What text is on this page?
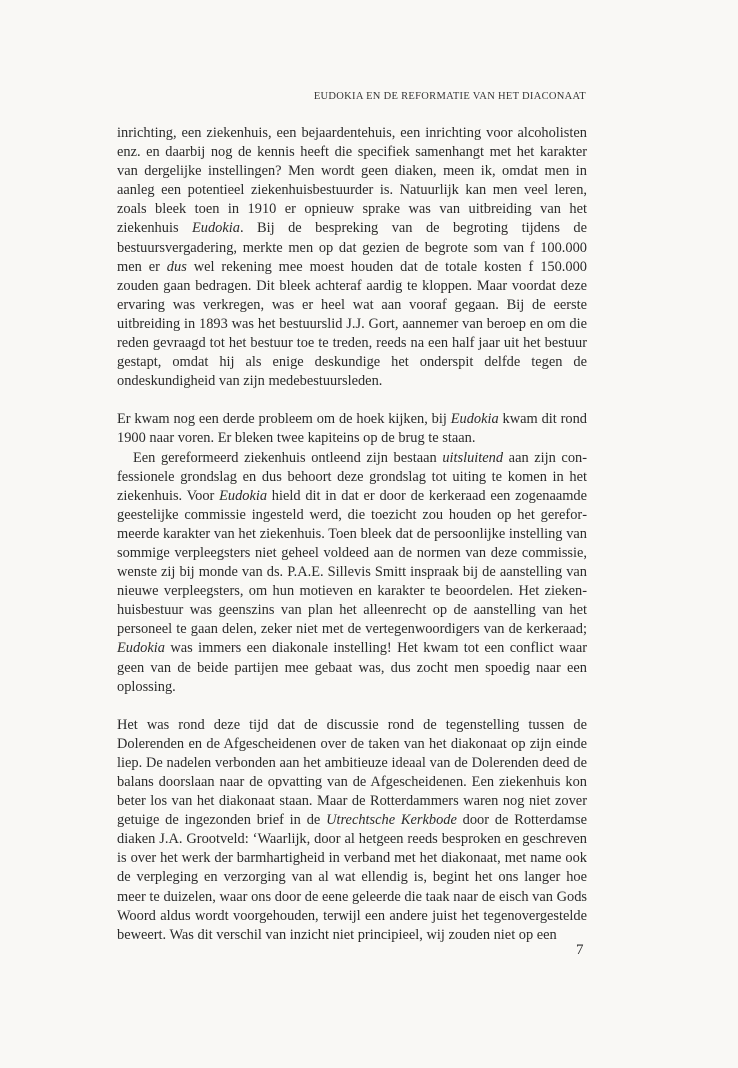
EUDOKIA EN DE REFORMATIE VAN HET DIACONAAT

inrichting, een ziekenhuis, een bejaardentehuis, een inrichting voor alcoholisten enz. en daarbij nog de kennis heeft die specifiek samenhangt met het karakter van dergelijke instellingen? Men wordt geen diaken, meen ik, omdat men in aanleg een potentieel ziekenhuisbestuurder is. Natuurlijk kan men veel leren, zoals bleek toen in 1910 er opnieuw sprake was van uitbreiding van het ziekenhuis Eudokia. Bij de bespreking van de begroting tijdens de bestuursvergadering, merkte men op dat gezien de begrote som van f 100.000 men er dus wel rekening mee moest houden dat de totale kosten f 150.000 zouden gaan bedragen. Dit bleek achteraf aardig te kloppen. Maar voordat deze ervaring was verkregen, was er heel wat aan vooraf gegaan. Bij de eerste uitbreiding in 1893 was het bestuurslid J.J. Gort, aannemer van beroep en om die reden gevraagd tot het bestuur toe te treden, reeds na een half jaar uit het bestuur gestapt, omdat hij als enige deskundige het onderspit delfde tegen de ondeskundigheid van zijn medebestuursleden.

Er kwam nog een derde probleem om de hoek kijken, bij Eudokia kwam dit rond 1900 naar voren. Er bleken twee kapiteins op de brug te staan.

Een gereformeerd ziekenhuis ontleend zijn bestaan uitsluitend aan zijn confessionele grondslag en dus behoort deze grondslag tot uiting te komen in het ziekenhuis. Voor Eudokia hield dit in dat er door de kerkeraad een zogenaamde geestelijke commissie ingesteld werd, die toezicht zou houden op het gereformeerde karakter van het ziekenhuis. Toen bleek dat de persoonlijke instelling van sommige verpleegsters niet geheel voldeed aan de normen van deze commissie, wenste zij bij monde van ds. P.A.E. Sillevis Smitt inspraak bij de aanstelling van nieuwe verpleegsters, om hun motieven en karakter te beoordelen. Het ziekenhuisbestuur was geenszins van plan het alleenrecht op de aanstelling van het personeel te gaan delen, zeker niet met de vertegenwoordigers van de kerkeraad; Eudokia was immers een diakonale instelling! Het kwam tot een conflict waar geen van de beide partijen mee gebaat was, dus zocht men spoedig naar een oplossing.

Het was rond deze tijd dat de discussie rond de tegenstelling tussen de Dolerenden en de Afgescheidenen over de taken van het diakonaat op zijn einde liep. De nadelen verbonden aan het ambitieuze ideaal van de Dolerenden deed de balans doorslaan naar de opvatting van de Afgescheidenen. Een ziekenhuis kon beter los van het diakonaat staan. Maar de Rotterdammers waren nog niet zover getuige de ingezonden brief in de Utrechtsche Kerkbode door de Rotterdamse diaken J.A. Grootveld: ‘Waarlijk, door al hetgeen reeds besproken en geschreven is over het werk der barmhartigheid in verband met het diakonaat, met name ook de verpleging en verzorging van al wat ellendig is, begint het ons langer hoe meer te duizelen, waar ons door de eene geleerde die taak naar de eisch van Gods Woord aldus wordt voorgehouden, terwijl een andere juist het tegenovergestelde beweert. Was dit verschil van inzicht niet principieel, wij zouden niet op een

7
